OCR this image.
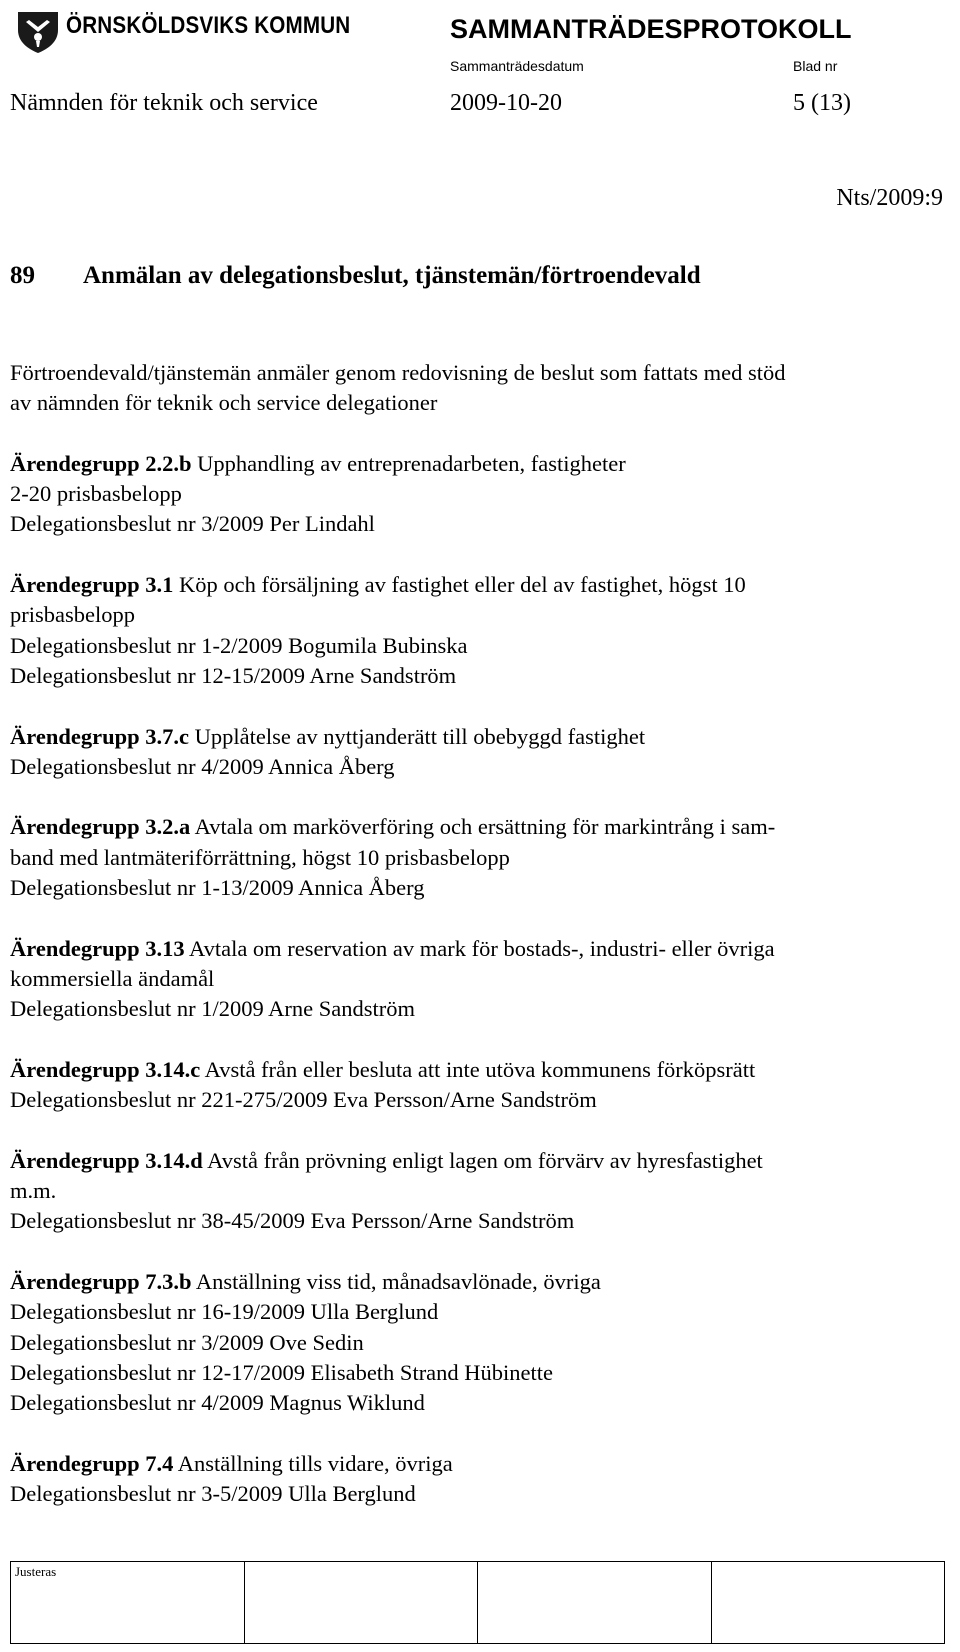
ÖRNSKÖLDSVIKS KOMMUN	SAMMANTRÄDESPROTOKOLL
Sammanträdesdatum	Blad nr
Nämnden för teknik och service	2009-10-20	5 (13)
Nts/2009:9
89 Anmälan av delegationsbeslut, tjänstemän/förtroendevald

Förtroendevald/tjänstemän anmäler genom redovisning de beslut som fattats med stöd

av nämnden för teknik och service delegationer

Ärendegrupp 2.2.b Upphandling av entreprenadarbeten, fastigheter

2-20 prisbasbelopp

Delegationsbeslut nr 3/2009 Per Lindahl

Ärendegrupp 3.1 Köp och försäljning av fastighet eller del av fastighet, högst 10

prisbasbelopp

Delegationsbeslut nr 1-2/2009 Bogumila Bubinska

Delegationsbeslut nr 12-15/2009 Arne Sandström

Ärendegrupp 3.7.c Upplåtelse av nyttjanderätt till obebyggd fastighet

Delegationsbeslut nr 4/2009 Annica Åberg

Ärendegrupp 3.2.a Avtala om marköverföring och ersättning för markintrång i sam-

band med lantmäteriförrättning, högst 10 prisbasbelopp

Delegationsbeslut nr 1-13/2009 Annica Åberg

Ärendegrupp 3.13 Avtala om reservation av mark för bostads-, industri- eller övriga

kommersiella ändamål

Delegationsbeslut nr 1/2009 Arne Sandström

Ärendegrupp 3.14.c Avstå från eller besluta att inte utöva kommunens förköpsrätt

Delegationsbeslut nr 221-275/2009 Eva Persson/Arne Sandström

Ärendegrupp 3.14.d Avstå från prövning enligt lagen om förvärv av hyresfastighet

m.m.

Delegationsbeslut nr 38-45/2009 Eva Persson/Arne Sandström

Ärendegrupp 7.3.b Anställning viss tid, månadsavlönade, övriga

Delegationsbeslut nr 16-19/2009 Ulla Berglund

Delegationsbeslut nr 3/2009 Ove Sedin

Delegationsbeslut nr 12-17/2009 Elisabeth Strand Hübinette

Delegationsbeslut nr 4/2009 Magnus Wiklund

Ärendegrupp 7.4 Anställning tills vidare, övriga

Delegationsbeslut nr 3-5/2009 Ulla Berglund

Justeras
